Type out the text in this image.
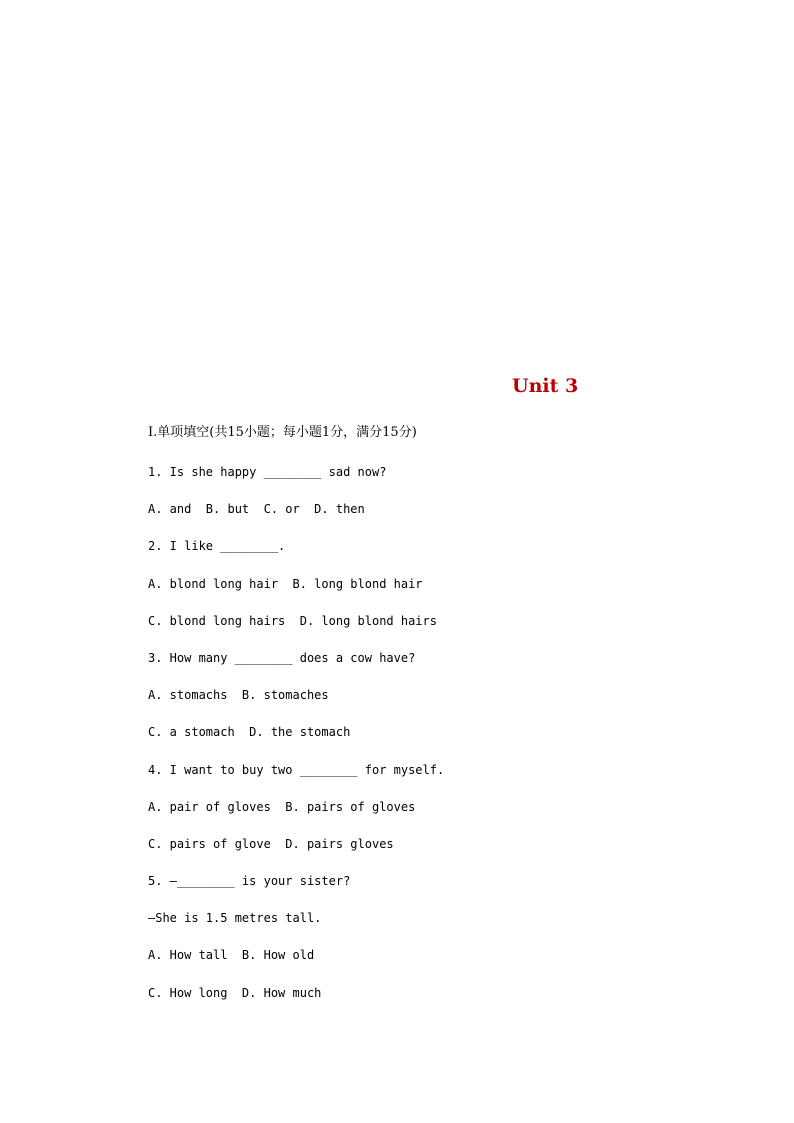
Unit 3
Ⅰ.单项填空(共15小题；每小题1分，满分15分)
1. Is she happy ________ sad now?
A. and  B. but  C. or  D. then
2. I like ________.
A. blond long hair  B. long blond hair
C. blond long hairs  D. long blond hairs
3. How many ________ does a cow have?
A. stomachs  B. stomaches
C. a stomach  D. the stomach
4. I want to buy two ________ for myself.
A. pair of gloves  B. pairs of gloves
C. pairs of glove  D. pairs gloves
5. —________ is your sister?
—She is 1.5 metres tall.
A. How tall  B. How old
C. How long  D. How much
